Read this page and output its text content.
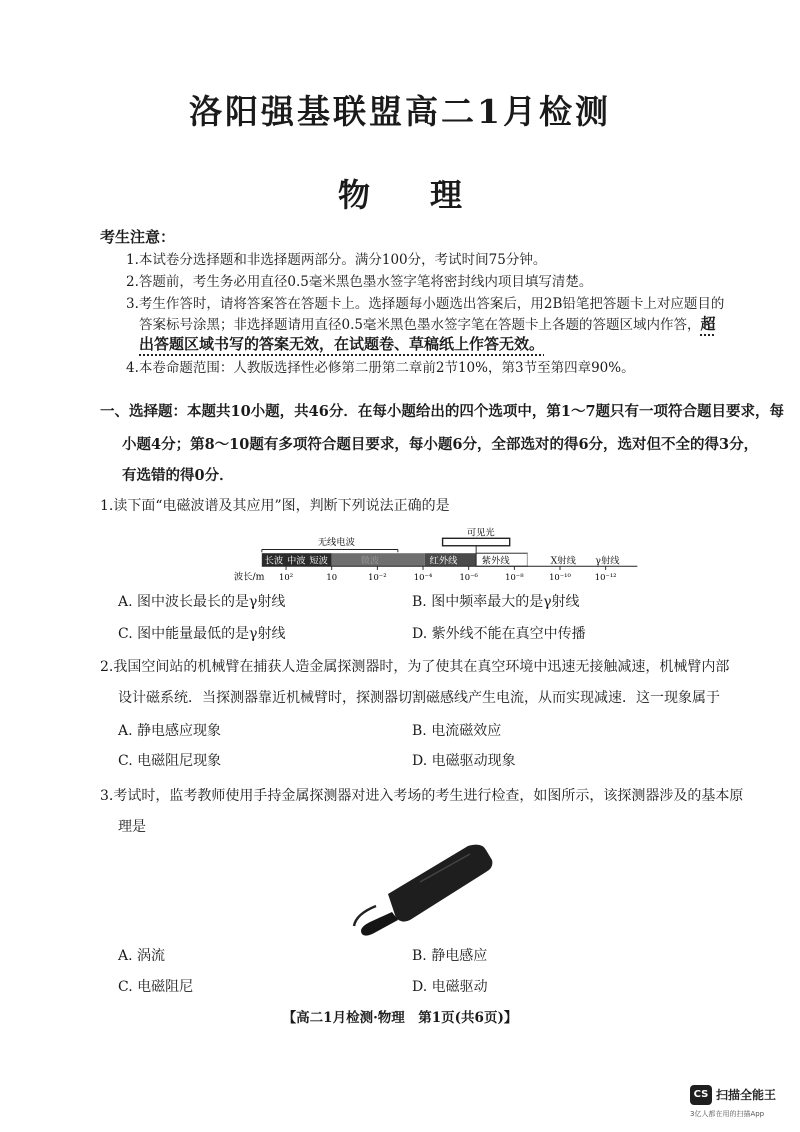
洛阳强基联盟高二1月检测
物理
考生注意：
1.本试卷分选择题和非选择题两部分。满分100分，考试时间75分钟。
2.答题前，考生务必用直径0.5毫米黑色墨水签字笔将密封线内项目填写清楚。
3.考生作答时，请将答案答在答题卡上。选择题每小题选出答案后，用2B铅笔把答题卡上对应题目的
答案标号涂黑；非选择题请用直径0.5毫米黑色墨水签字笔在答题卡上各题的答题区域内作答，超
出答题区域书写的答案无效，在试题卷、草稿纸上作答无效。
4.本卷命题范围：人教版选择性必修第二册第二章前2节10%，第3节至第四章90%。
一、选择题：本题共10小题，共46分．在每小题给出的四个选项中，第1～7题只有一项符合题目要求，每
小题4分；第8～10题有多项符合题目要求，每小题6分，全部选对的得6分，选对但不全的得3分，
有选错的得0分．
1.读下面“电磁波谱及其应用”图，判断下列说法正确的是
无线电波
可见光
长波 中波 短波	微波	红外线 紫外线	X射线 γ射线
波长/m 10²	10	10⁻²	10⁻⁴	10⁻⁶	10⁻⁸	10⁻¹⁰	10⁻¹²
A. 图中波长最长的是γ射线	B. 图中频率最大的是γ射线
C. 图中能量最低的是γ射线	D. 紫外线不能在真空中传播
2.我国空间站的机械臂在捕获人造金属探测器时，为了使其在真空环境中迅速无接触减速，机械臂内部
设计磁系统．当探测器靠近机械臂时，探测器切割磁感线产生电流，从而实现减速．这一现象属于
A. 静电感应现象	B. 电流磁效应
C. 电磁阻尼现象	D. 电磁驱动现象
3.考试时，监考教师使用手持金属探测器对进入考场的考生进行检查，如图所示，该探测器涉及的基本原
理是
A. 涡流	B. 静电感应
C. 电磁阻尼	D. 电磁驱动
【高二1月检测·物理　第1页(共6页)】
CS 扫描全能王
3亿人都在用的扫描App
